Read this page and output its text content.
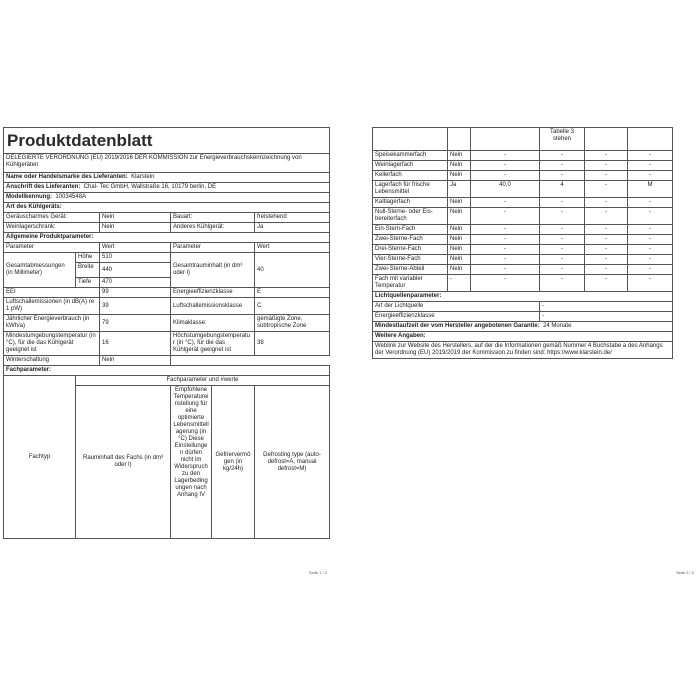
Produktdatenblatt					
DELEGIERTE VERORDNUNG (EU) 2019/2016 DER KOMMISSION zur Energieverbrauchskennzeichnung von Kühlgeräten					
Name oder Handelsmarke des Lieferanten: Klarstein					
Anschrift des Lieferanten: Chal- Tec GmbH, Wallstraße 16, 10179 berlin, DE					
Modellkennung: 10034548A					
Art des Kühlgeräts:					
Geräuscharmes Gerät:		Nein	Bauart:		freistehend
Weinlagerschrank:		Nein	Anderes Kühlgerät:		Ja
Allgemeine Produktparameter:					
Parameter		Wert	Parameter		Wert
Gesamtabmessungen (in Millimeter)	Höhe	510	Gesamtrauminhalt (in dm³ oder l)		40
	Breite	440			
	Tiefe	470			
EEI		99	Energieeffizienzklasse		E
Luftschallemissionen (in dB(A) re 1 pW)		39	Luftschallemissionsklasse		C
Jährlicher Energieverbrauch (in kWh/a)		79	Klimaklasse:		gemäßigte Zone, subtropische Zone
Mindestumgebungstemperatur (in °C), für die das Kühlgerät geeignet ist		16	Höchstumgebungstemperatur (in °C), für die das Kühlgerät geeignet ist		38
Winterschaltung		Nein			
Fachparameter:					
Fachtyp	Fachparameter und #werte				
	Rauminhalt des Fachs (in dm³ oder l)		Empfohlene Temperatureinstellung für eine optimierte Lebensmittellagerung (in °C) Diese Einstellungen dürfen nicht im Widerspruch zu den Lagerbedingungen nach Anhang IV	Gefriervermögen (in kg/24h)	Defrosting type (auto-defrost=A, manual defrost=M)
Seite 1 / 2
			Tabelle 3 stehen		
Speisekammerfach	Nein	-	-	-	-
Weinlagerfach	Nein	-	-	-	-
Kellerfach	Nein	-	-	-	-
Lagerfach für frische Lebensmittel	Ja	40,0	4	-	M
Kaltlagerfach	Nein	-	-	-	-
Null-Sterne- oder Eis-bereiterfach	Nein	-	-	-	-
Ein-Stern-Fach	Nein	-	-	-	-
Zwei-Sterne-Fach	Nein	-	-	-	-
Drei-Sterne-Fach	Nein	-	-	-	-
Vier-Sterne-Fach	Nein	-	-	-	-
Zwei-Sterne-Abteil	Nein	-	-	-	-
Fach mit variabler Temperatur	-	-	-	-	-
Lichtquellenparameter:					
Art der Lichtquelle			-		
Energieeffizienzklasse			-		
Mindestlaufzeit der vom Hersteller angebotenen Garantie: 24 Monate					
Weitere Angaben:					
Weblink zur Website des Herstellers, auf der die Informationen gemäß Nummer 4 Buchstabe a des Anhangs der Verordnung (EU) 2019/2019 der Kommission zu finden sind: https://www.klarstein.de/					
Seite 2 / 2
